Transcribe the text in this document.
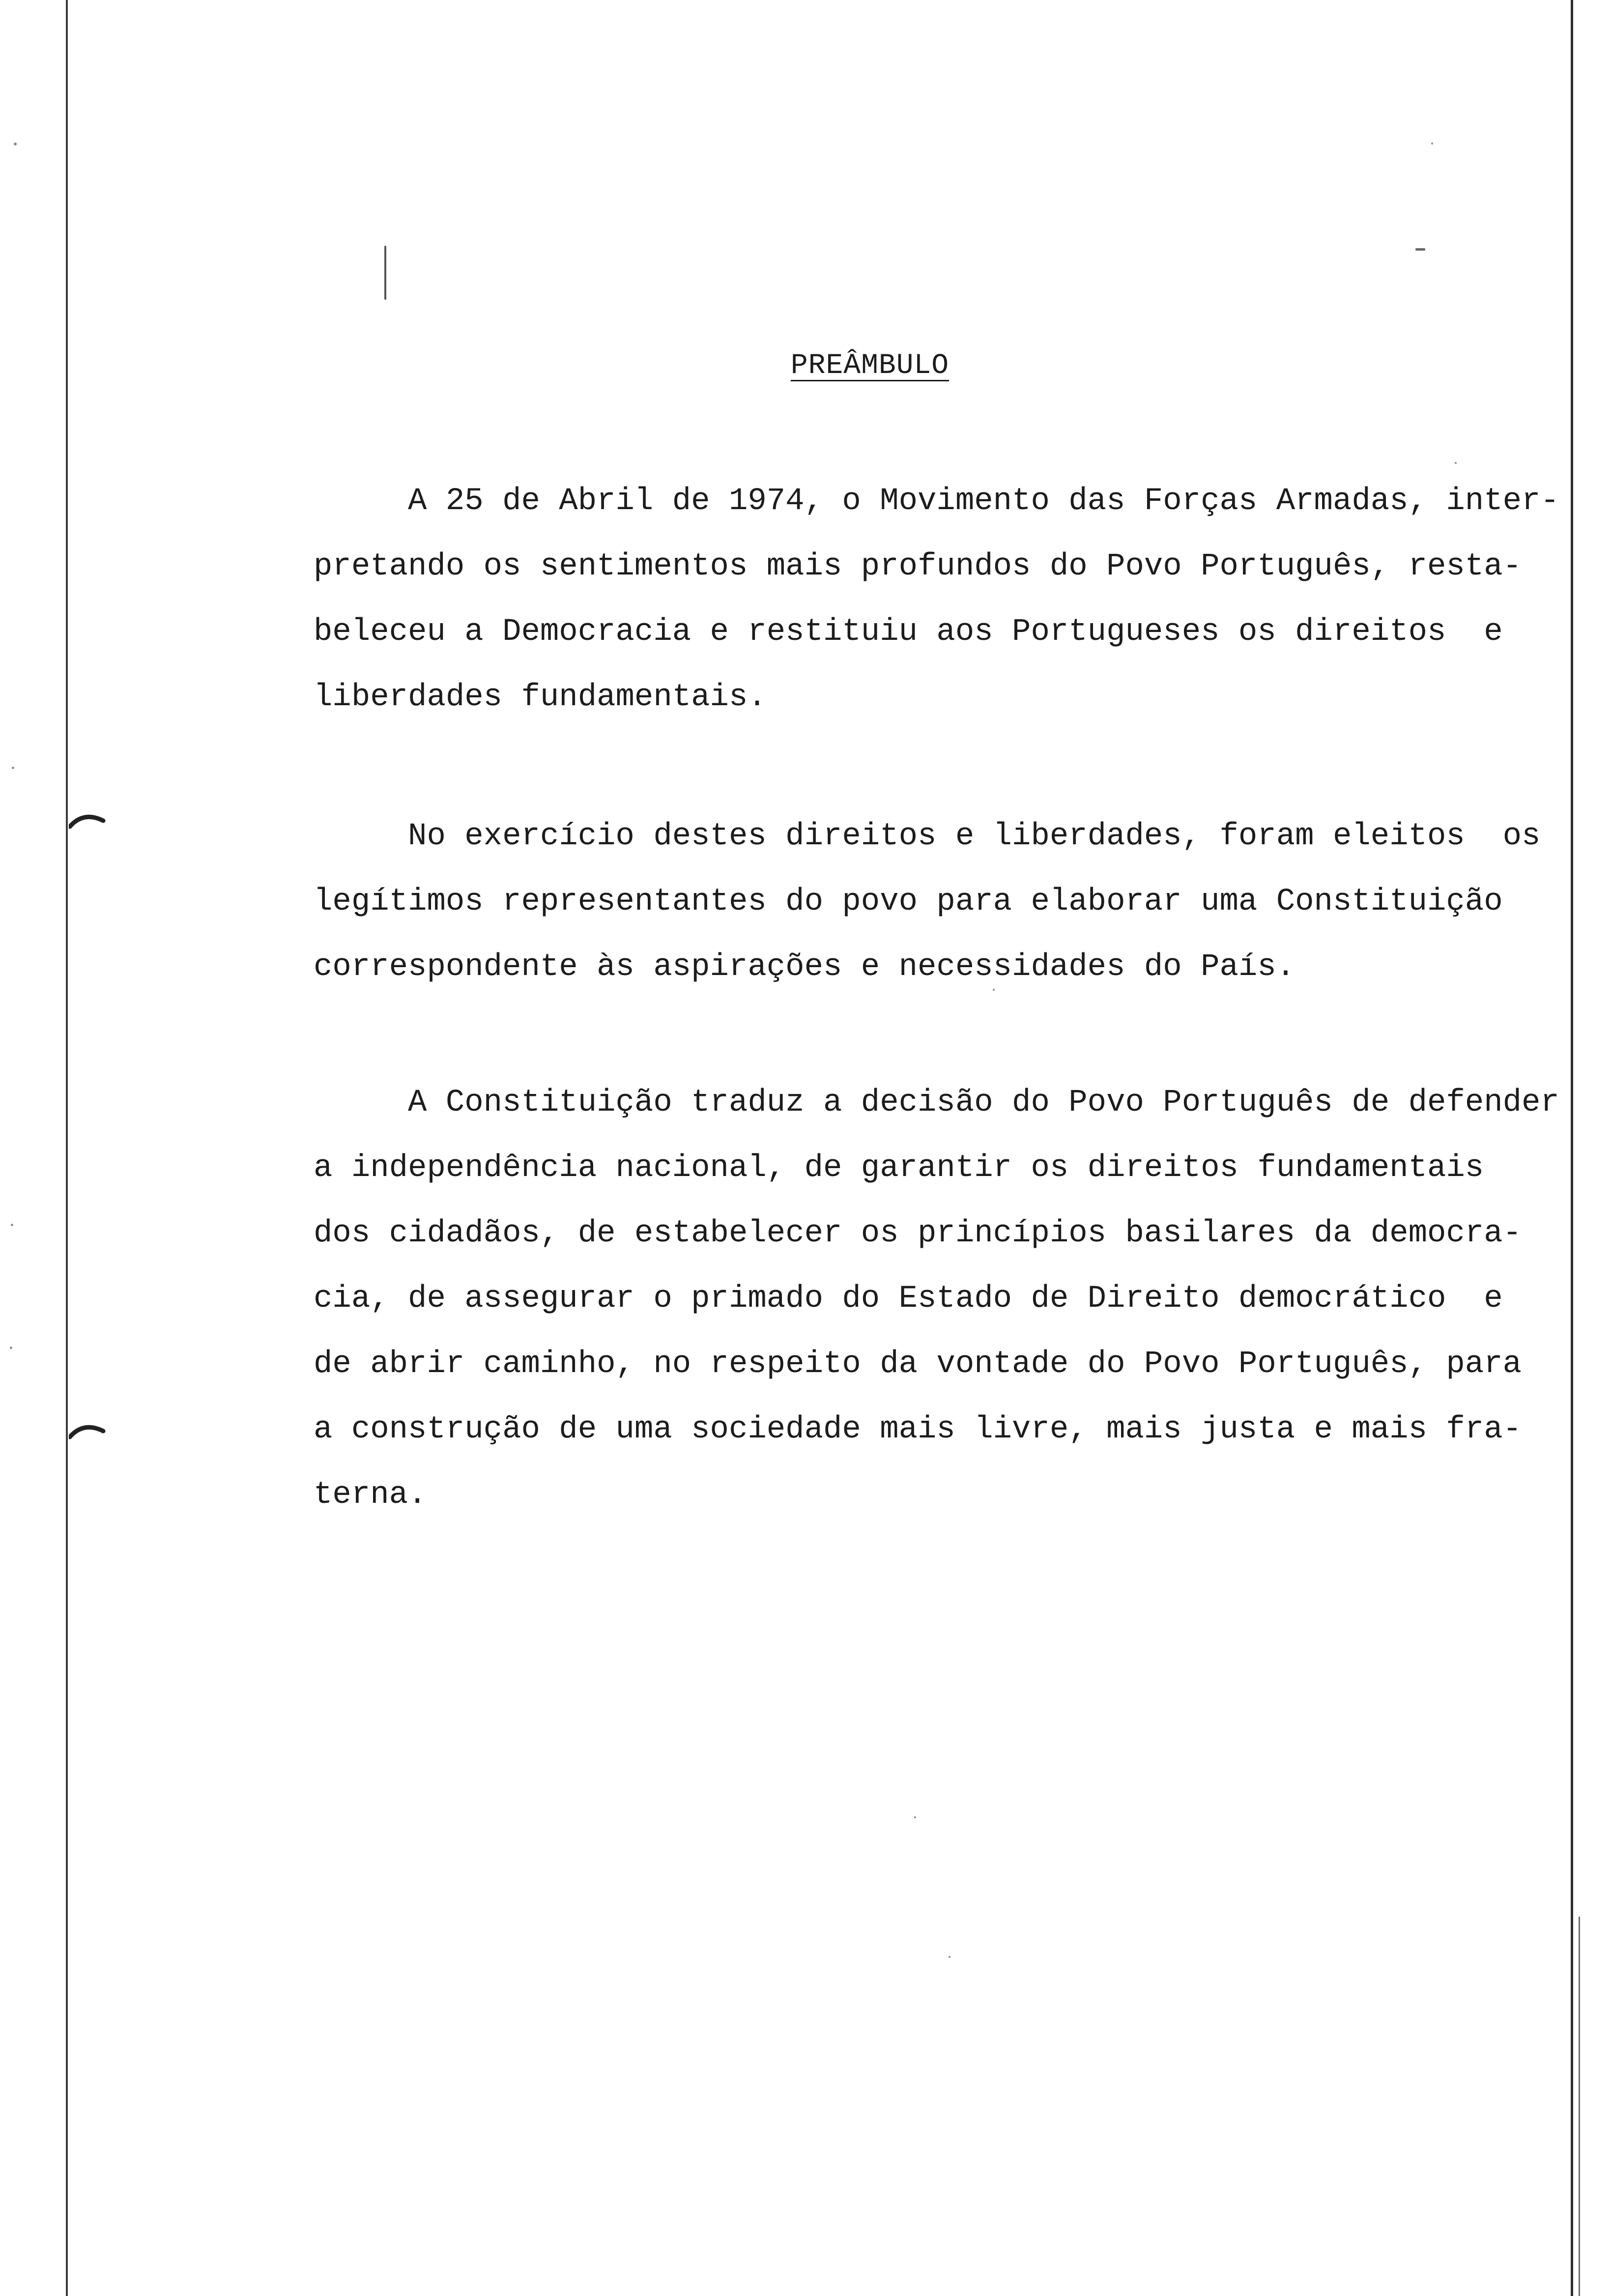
PREÂMBULO

A 25 de Abril de 1974, o Movimento das Forças Armadas, inter-
pretando os sentimentos mais profundos do Povo Português, resta-
beleceu a Democracia e restituiu aos Portugueses os direitos  e
liberdades fundamentais.

No exercício destes direitos e liberdades, foram eleitos  os
legítimos representantes do povo para elaborar uma Constituição
correspondente às aspirações e necessidades do País.

A Constituição traduz a decisão do Povo Português de defender
a independência nacional, de garantir os direitos fundamentais
dos cidadãos, de estabelecer os princípios basilares da democra-
cia, de assegurar o primado do Estado de Direito democrático  e
de abrir caminho, no respeito da vontade do Povo Português, para
a construção de uma sociedade mais livre, mais justa e mais fra-
terna.
